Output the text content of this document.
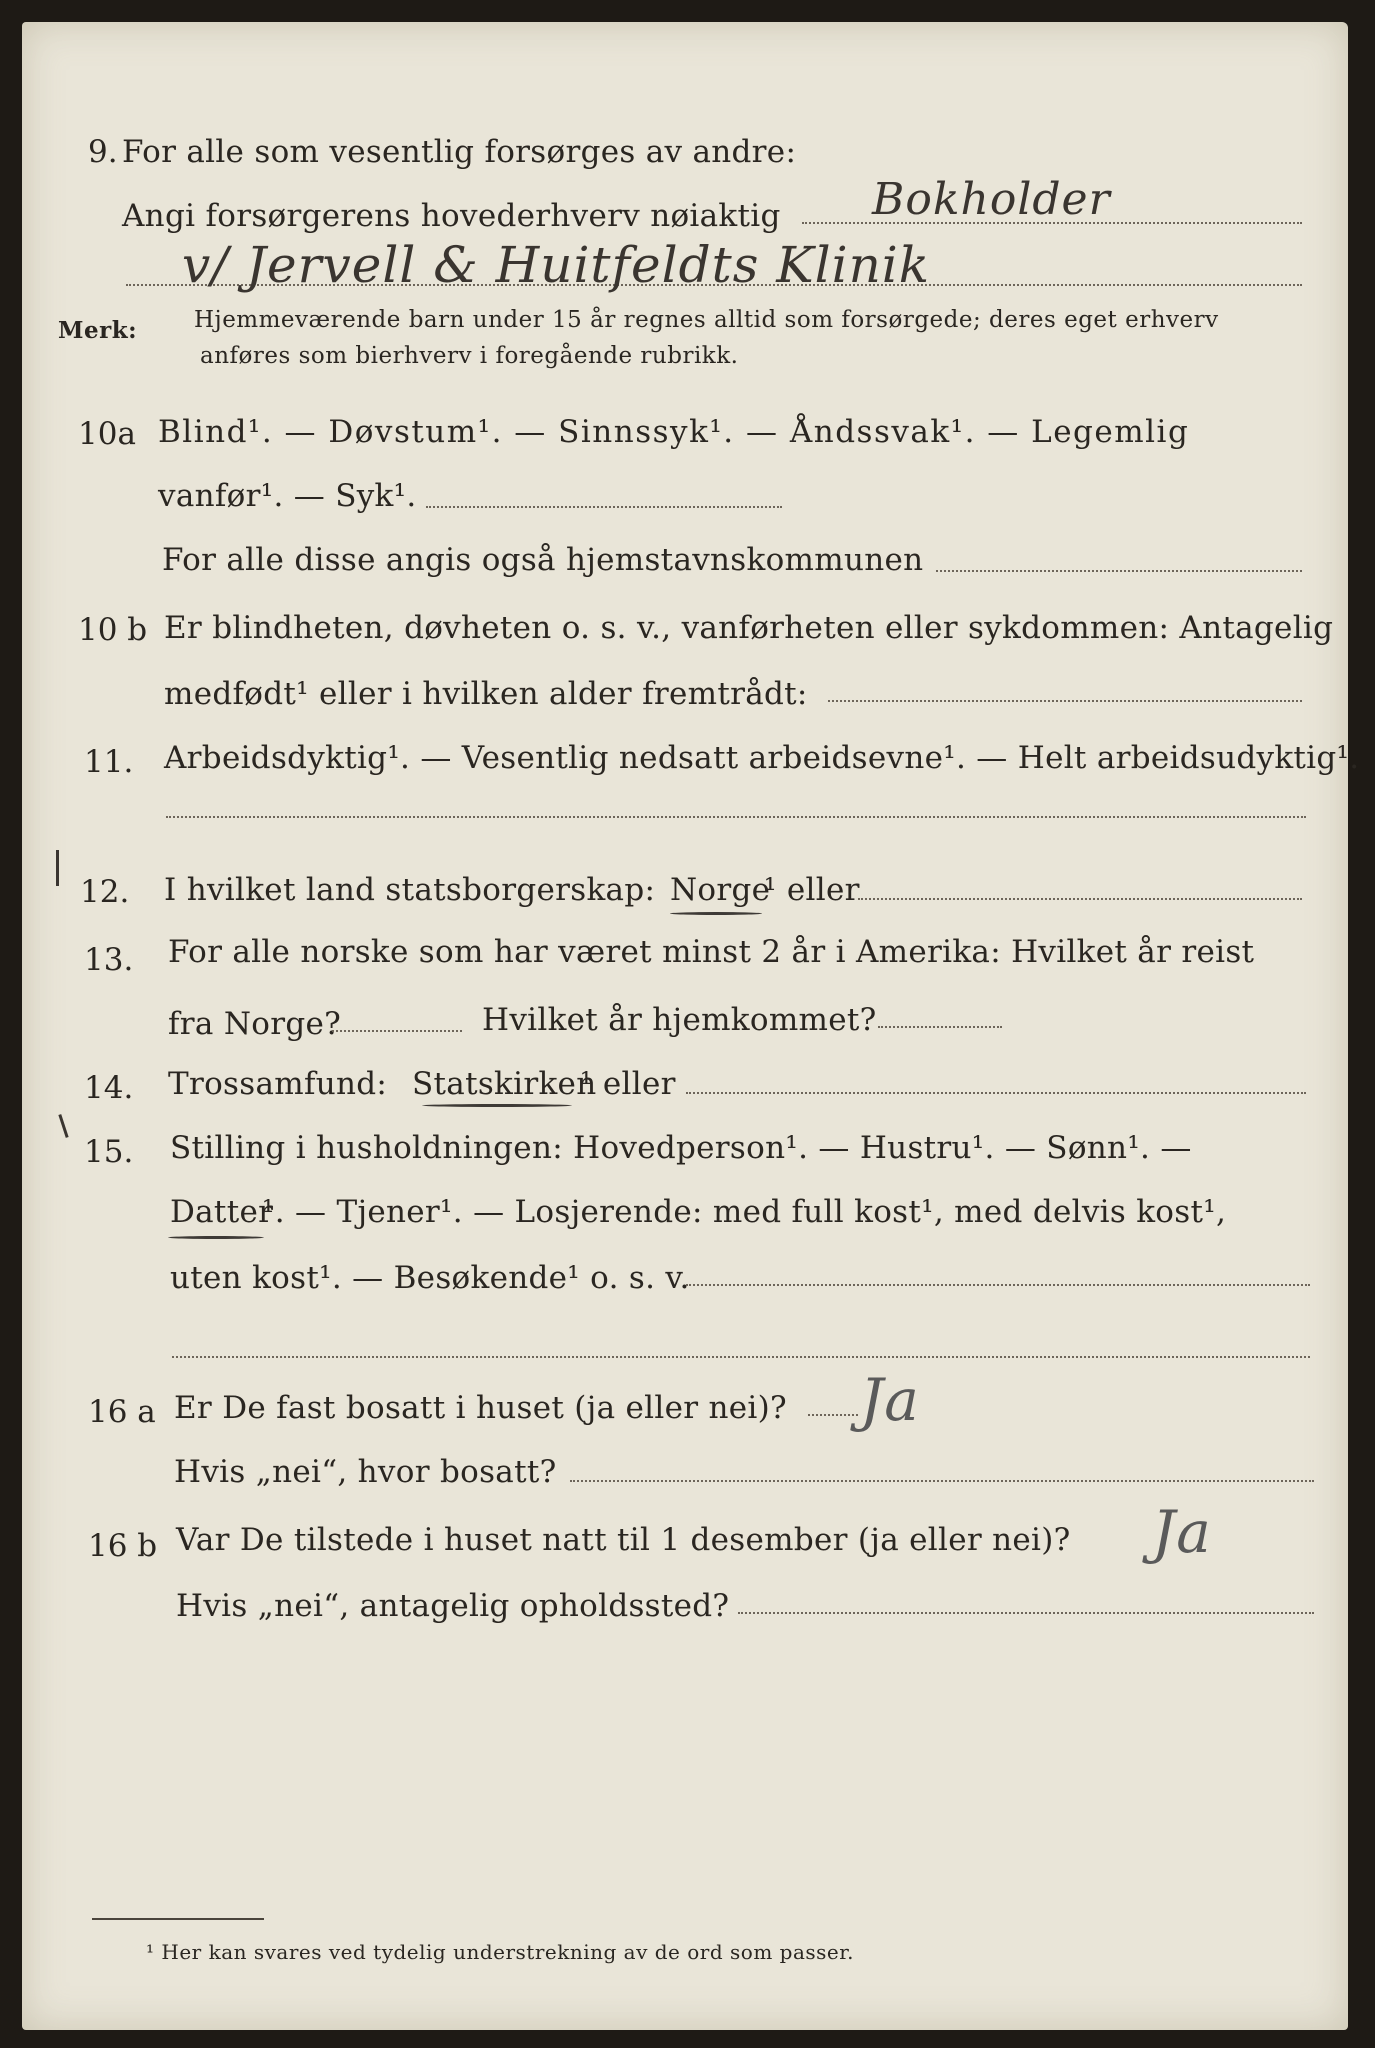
9. For alle som vesentlig forsørges av andre:
Angi forsørgerens hovederhverv nøiaktig Bokholder
v/ Jervell & Huitfeldts Klinik
Merk: Hjemmeværende barn under 15 år regnes alltid som forsørgede; deres eget erhverv
anføres som bierhverv i foregående rubrikk.
10a Blind¹. — Døvstum¹. — Sinnssyk¹. — Åndssvak¹. — Legemlig
vanfør¹. — Syk¹.
For alle disse angis også hjemstavnskommunen
10 b Er blindheten, døvheten o. s. v., vanførheten eller sykdommen: Antagelig
medfødt¹ eller i hvilken alder fremtrådt:
11. Arbeidsdyktig¹. — Vesentlig nedsatt arbeidsevne¹. — Helt arbeidsudyktig¹.
12. I hvilket land statsborgerskap: Norge
¹ eller
13. For alle norske som har været minst 2 år i Amerika: Hvilket år reist
fra Norge?	Hvilket år hjemkommet?
14. Trossamfund: Statskirken
¹ eller
15. Stilling i husholdningen: Hovedperson¹. — Hustru¹. — Sønn¹. —
Datter
¹. — Tjener¹. — Losjerende: med full kost¹, med delvis kost¹,
uten kost¹. — Besøkende¹ o. s. v.
16 a Er De fast bosatt i huset (ja eller nei)? Ja
Hvis „nei“, hvor bosatt?
16 b Var De tilstede i huset natt til 1 desember (ja eller nei)? Ja
Hvis „nei“, antagelig opholdssted?
¹ Her kan svares ved tydelig understrekning av de ord som passer.
